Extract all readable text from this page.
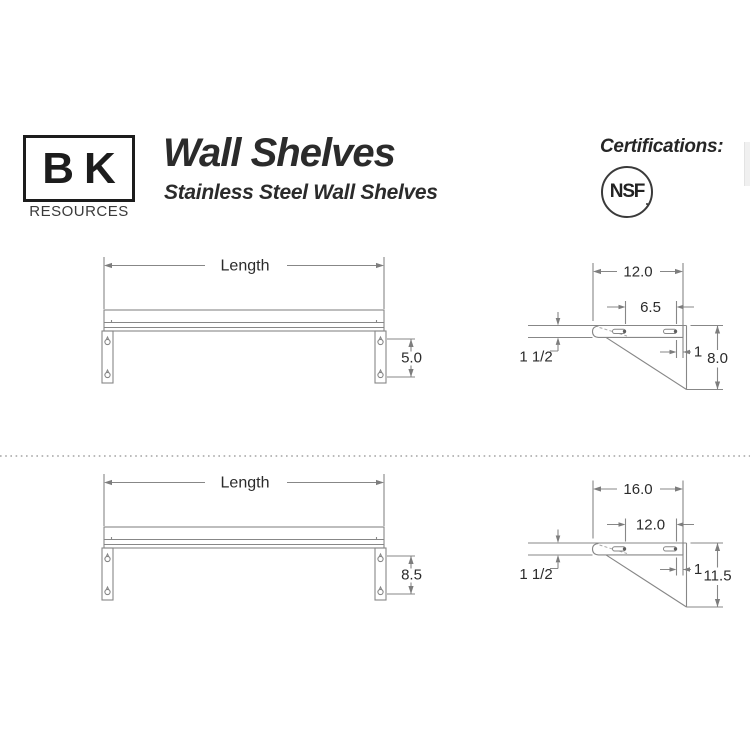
BK
RESOURCES
Wall Shelves
Stainless Steel Wall Shelves
Certifications:
NSF
Length
5.0
12.0
6.5
1 1/2	1 8.0
Length
8.5
16.0
12.0
1 1/2	1 11.5
